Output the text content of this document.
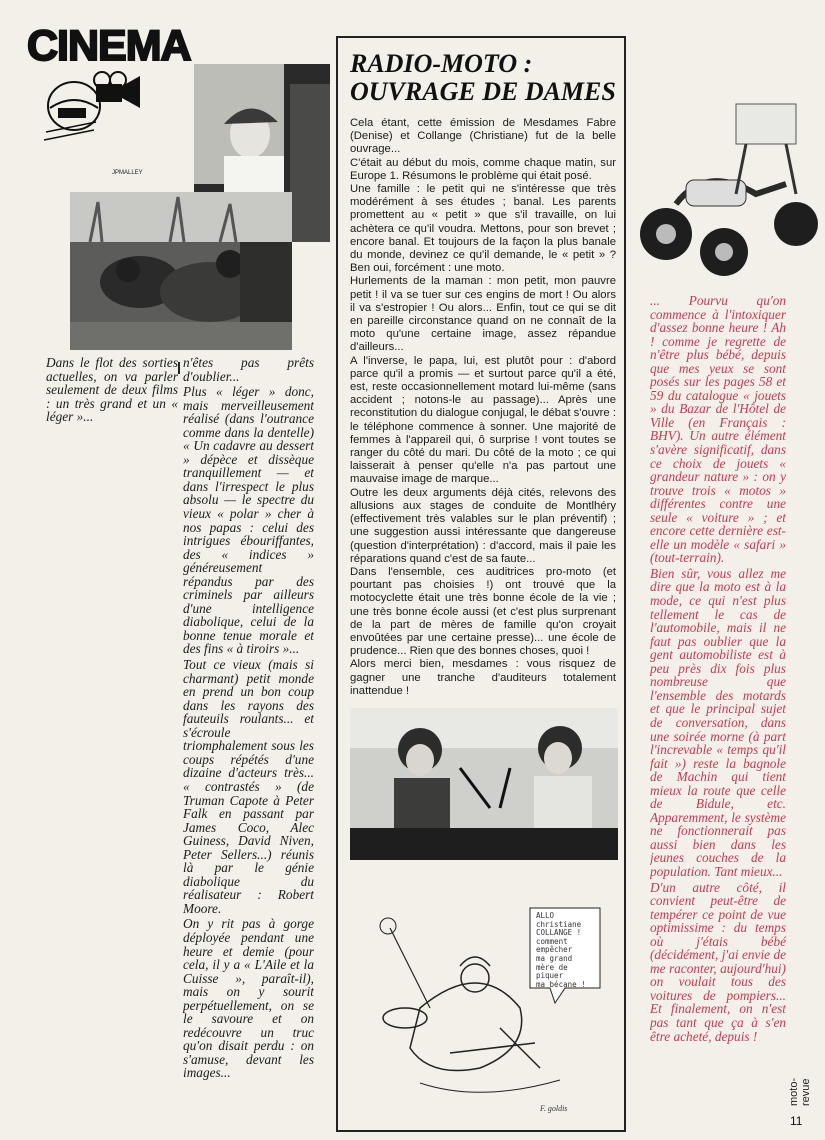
CINEMA
JPMALLEY

Dans le flot des sorties actuelles, on va parler seulement de deux films : un très grand et un « léger »...

n'êtes pas prêts d'oublier...

Plus « léger » donc, mais merveilleusement réalisé (dans l'outrance comme dans la dentelle) « Un cadavre au dessert » dépèce et dissèque tranquillement — et dans l'irrespect le plus absolu — le spectre du vieux « polar » cher à nos papas : celui des intrigues ébouriffantes, des « indices » généreusement répandus par des criminels par ailleurs d'une intelligence diabolique, celui de la bonne tenue morale et des fins « à tiroirs »...

Tout ce vieux (mais si charmant) petit monde en prend un bon coup dans les rayons des fauteuils roulants... et s'écroule triomphalement sous les coups répétés d'une dizaine d'acteurs très... « contrastés » (de Truman Capote à Peter Falk en passant par James Coco, Alec Guiness, David Niven, Peter Sellers...) réunis là par le génie diabolique du réalisateur : Robert Moore.

On y rit pas à gorge déployée pendant une heure et demie (pour cela, il y a « L'Aile et la Cuisse », paraît-il), mais on y sourit perpétuellement, on se le savoure et on redécouvre un truc qu'on disait perdu : on s'amuse, devant les images...

RADIO-MOTO :
OUVRAGE DE DAMES

Cela étant, cette émission de Mesdames Fabre (Denise) et Collange (Christiane) fut de la belle ouvrage...

C'était au début du mois, comme chaque matin, sur Europe 1. Résumons le problème qui était posé.

Une famille : le petit qui ne s'intéresse que très modérément à ses études ; banal. Les parents promettent au « petit » que s'il travaille, on lui achètera ce qu'il voudra. Mettons, pour son brevet ; encore banal. Et toujours de la façon la plus banale du monde, devinez ce qu'il demande, le « petit » ? Ben oui, forcément : une moto.

Hurlements de la maman : mon petit, mon pauvre petit ! il va se tuer sur ces engins de mort ! Ou alors il va s'estropier ! Ou alors... Enfin, tout ce qui se dit en pareille circonstance quand on ne connaît de la moto qu'une certaine image, assez répandue d'ailleurs...

A l'inverse, le papa, lui, est plutôt pour : d'abord parce qu'il a promis — et surtout parce qu'il a été, est, reste occasionnellement motard lui-même (sans accident ; notons-le au passage)... Après une reconstitution du dialogue conjugal, le débat s'ouvre : le téléphone commence à sonner. Une majorité de femmes à l'appareil qui, ô surprise ! vont toutes se ranger du côté du mari. Du côté de la moto ; ce qui laisserait à penser qu'elle n'a pas partout une mauvaise image de marque...

Outre les deux arguments déjà cités, relevons des allusions aux stages de conduite de Montlhéry (effectivement très valables sur le plan préventif) ; une suggestion aussi intéressante que dangereuse (question d'interprétation) : d'accord, mais il paie les réparations quand c'est de sa faute...

Dans l'ensemble, ces auditrices pro-moto (et pourtant pas choisies !) ont trouvé que la motocyclette était une très bonne école de la vie ; une très bonne école aussi (et c'est plus surprenant de la part de mères de famille qu'on croyait envoûtées par une certaine presse)... une école de prudence... Rien que des bonnes choses, quoi !

Alors merci bien, mesdames : vous risquez de gagner une tranche d'auditeurs totalement inattendue !

ALLO
christiane
COLLANGE !
comment
empêcher
ma grand
mère de
piquer
ma bécane !
F. goldis

... Pourvu qu'on commence à l'intoxiquer d'assez bonne heure ! Ah ! comme je regrette de n'être plus bébé, depuis que mes yeux se sont posés sur les pages 58 et 59 du catalogue « jouets » du Bazar de l'Hôtel de Ville (en Français : BHV). Un autre élément s'avère significatif, dans ce choix de jouets « grandeur nature » : on y trouve trois « motos » différentes contre une seule « voiture » ; et encore cette dernière est-elle un modèle « safari » (tout-terrain).

Bien sûr, vous allez me dire que la moto est à la mode, ce qui n'est plus tellement le cas de l'automobile, mais il ne faut pas oublier que la gent automobiliste est à peu près dix fois plus nombreuse que l'ensemble des motards et que le principal sujet de conversation, dans une soirée morne (à part l'increvable « temps qu'il fait ») reste la bagnole de Machin qui tient mieux la route que celle de Bidule, etc. Apparemment, le système ne fonctionnerait pas aussi bien dans les jeunes couches de la population. Tant mieux...

D'un autre côté, il convient peut-être de tempérer ce point de vue optimissime : du temps où j'étais bébé (décidément, j'ai envie de me raconter, aujourd'hui) on voulait tous des voitures de pompiers... Et finalement, on n'est pas tant que ça à s'en être acheté, depuis !

moto-revue
11
